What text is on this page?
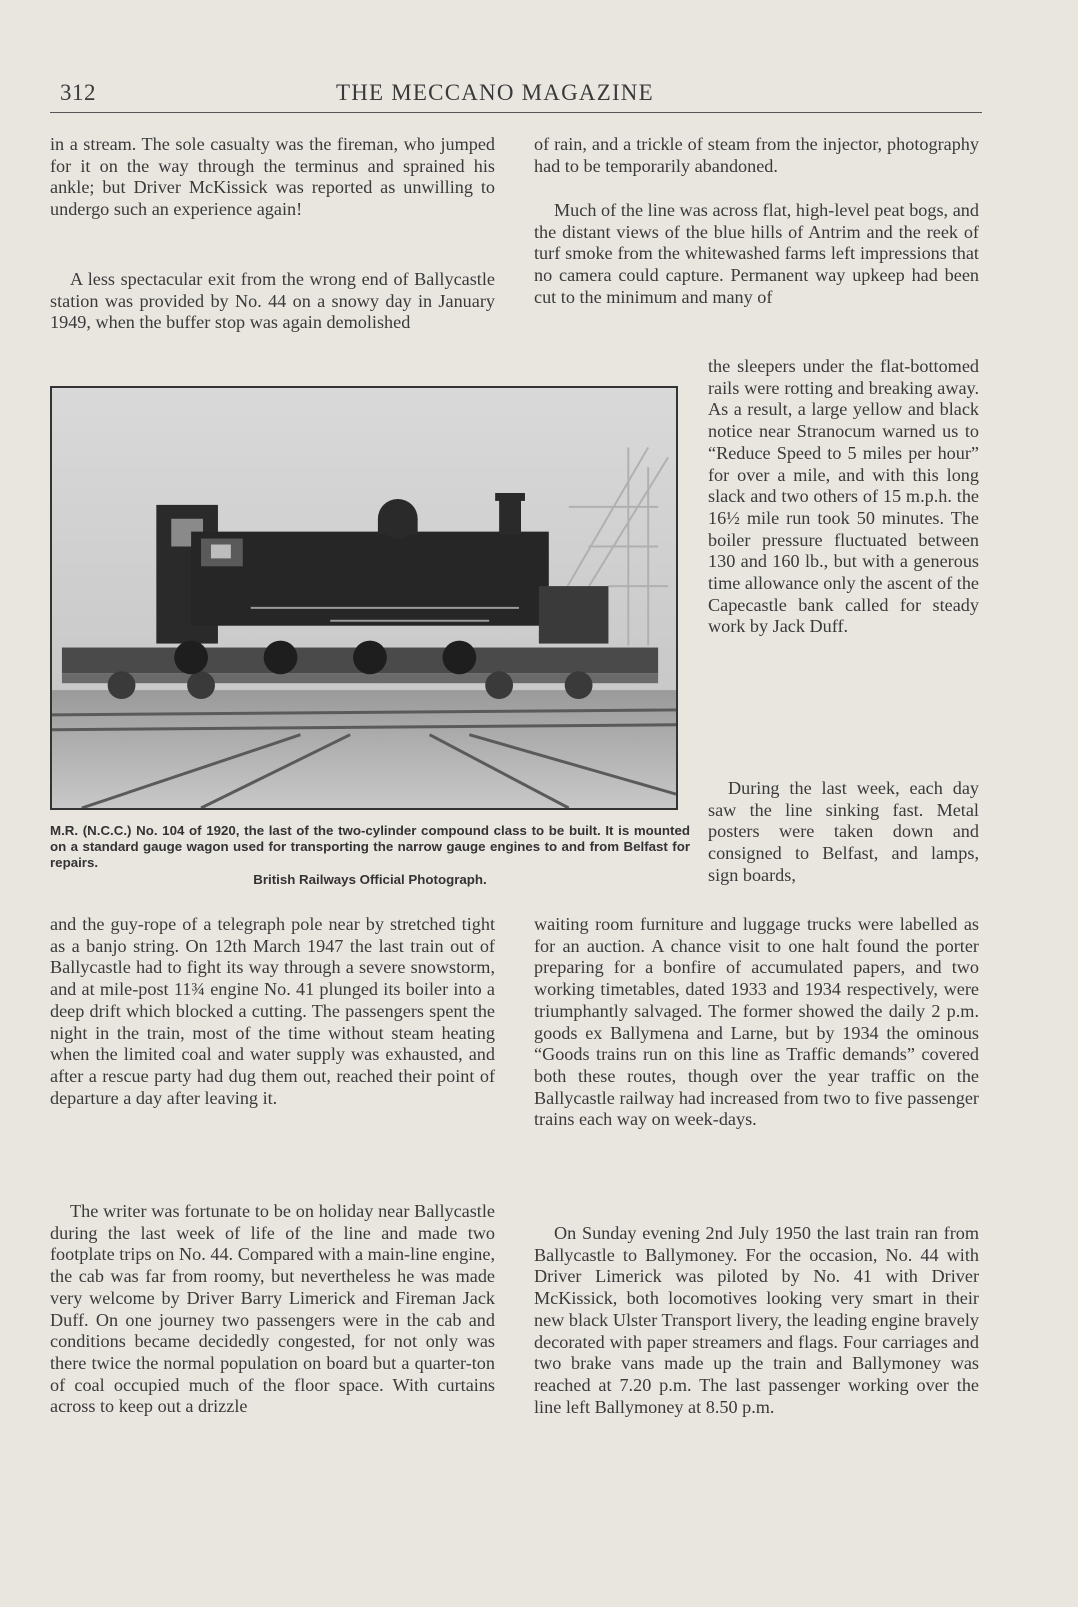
312	THE MECCANO MAGAZINE

in a stream. The sole casualty was the fireman, who jumped for it on the way through the terminus and sprained his ankle; but Driver McKissick was reported as unwilling to undergo such an experience again!

A less spectacular exit from the wrong end of Ballycastle station was provided by No. 44 on a snowy day in January 1949, when the buffer stop was again demolished

of rain, and a trickle of steam from the injector, photography had to be temporarily abandoned.

Much of the line was across flat, high-level peat bogs, and the distant views of the blue hills of Antrim and the reek of turf smoke from the whitewashed farms left impressions that no camera could capture. Permanent way upkeep had been cut to the minimum and many of

the sleepers under the flat-bottomed rails were rotting and breaking away. As a result, a large yellow and black notice near Stranocum warned us to “Reduce Speed to 5 miles per hour” for over a mile, and with this long slack and two others of 15 m.p.h. the 16½ mile run took 50 minutes. The boiler pressure fluctuated between 130 and 160 lb., but with a generous time allowance only the ascent of the Capecastle bank called for steady work by Jack Duff.

During the last week, each day saw the line sinking fast. Metal posters were taken down and consigned to Belfast, and lamps, sign boards,

M.R. (N.C.C.) No. 104 of 1920, the last of the two-cylinder compound class to be built. It is mounted on a standard gauge wagon used for transporting the narrow gauge engines to and from Belfast for repairs.
British Railways Official Photograph.

and the guy-rope of a telegraph pole near by stretched tight as a banjo string. On 12th March 1947 the last train out of Ballycastle had to fight its way through a severe snowstorm, and at mile-post 11¾ engine No. 41 plunged its boiler into a deep drift which blocked a cutting. The passengers spent the night in the train, most of the time without steam heating when the limited coal and water supply was exhausted, and after a rescue party had dug them out, reached their point of departure a day after leaving it.

The writer was fortunate to be on holiday near Ballycastle during the last week of life of the line and made two footplate trips on No. 44. Compared with a main-line engine, the cab was far from roomy, but nevertheless he was made very welcome by Driver Barry Limerick and Fireman Jack Duff. On one journey two passengers were in the cab and conditions became decidedly congested, for not only was there twice the normal population on board but a quarter-ton of coal occupied much of the floor space. With curtains across to keep out a drizzle

waiting room furniture and luggage trucks were labelled as for an auction. A chance visit to one halt found the porter preparing for a bonfire of accumulated papers, and two working timetables, dated 1933 and 1934 respectively, were triumphantly salvaged. The former showed the daily 2 p.m. goods ex Ballymena and Larne, but by 1934 the ominous “Goods trains run on this line as Traffic demands” covered both these routes, though over the year traffic on the Ballycastle railway had increased from two to five passenger trains each way on week-days.

On Sunday evening 2nd July 1950 the last train ran from Ballycastle to Ballymoney. For the occasion, No. 44 with Driver Limerick was piloted by No. 41 with Driver McKissick, both locomotives looking very smart in their new black Ulster Transport livery, the leading engine bravely decorated with paper streamers and flags. Four carriages and two brake vans made up the train and Ballymoney was reached at 7.20 p.m. The last passenger working over the line left Ballymoney at 8.50 p.m.
